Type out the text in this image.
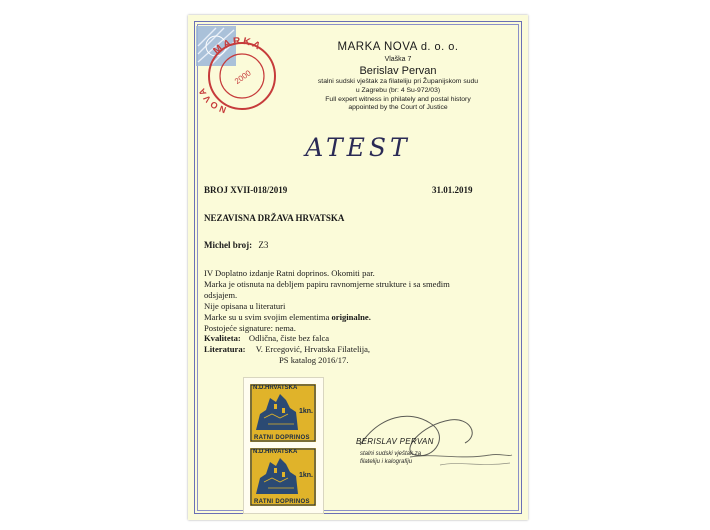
MARKA
NOVA
2000
MARKA NOVA d. o. o.
Vlaška 7
Berislav Pervan
stalni sudski vještak za filateliju pri Županijskom sudu
u Zagrebu (br: 4 Su-972/03)
Full expert witness in philately and postal history
appointed by the Court of Justice
ATEST
BROJ XVII-018/2019	31.01.2019
NEZAVISNA DRŽAVA HRVATSKA
Michel broj: Z3

IV Doplatno izdanje Ratni doprinos. Okomiti par.

Marka je otisnuta na debljem papiru ravnomjerne strukture i sa smeđim

odsjajem.

Nije opisana u literaturi

Marke su u svim svojim elementima originalne.

Postojeće signature: nema.

Kvaliteta: Odlična, čiste bez falca

Literatura: V. Ercegović, Hrvatska Filatelija,

PS katalog 2016/17.

N.D.HRVATSKA
1kn.
RATNI DOPRINOS
N.D.HRVATSKA
1kn.
RATNI DOPRINOS
BERISLAV PERVAN
stalni sudski vještak za
filateliju i kalografiju
